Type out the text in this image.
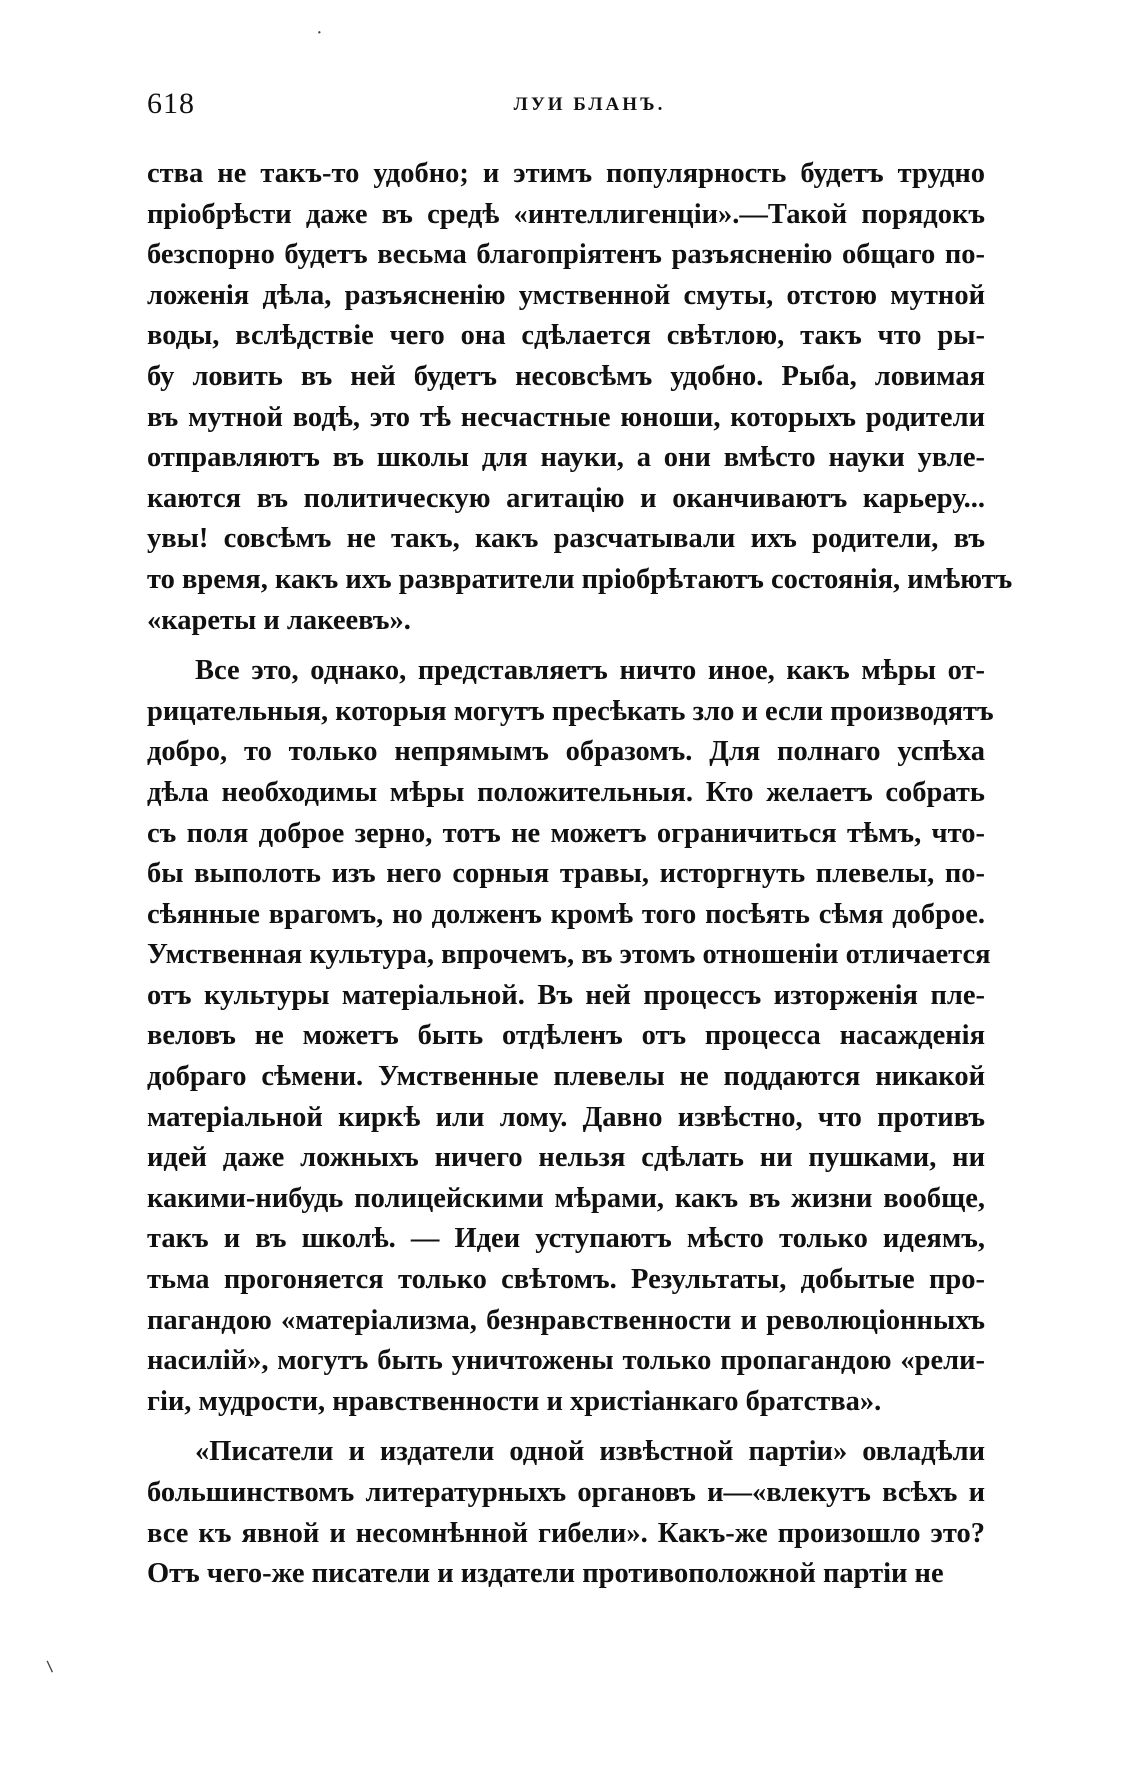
·
618	ЛУИ БЛАНЪ.
ства не такъ-то удобно; и этимъ популярность будетъ трудно
пріобрѣсти даже въ средѣ «интеллигенціи».—Такой порядокъ
безспорно будетъ весьма благопріятенъ разъясненію общаго по-
ложенія дѣла, разъясненію умственной смуты, отстою мутной
воды, вслѣдствіе чего она сдѣлается свѣтлою, такъ что ры-
бу ловить въ ней будетъ несовсѣмъ удобно. Рыба, ловимая
въ мутной водѣ, это тѣ несчастные юноши, которыхъ родители
отправляютъ въ школы для науки, а они вмѣсто науки увле-
каются въ политическую агитацію и оканчиваютъ карьеру...
увы! совсѣмъ не такъ, какъ разсчатывали ихъ родители, въ
то время, какъ ихъ развратители пріобрѣтаютъ состоянія, имѣютъ
«кареты и лакеевъ».
Все это, однако, представляетъ ничто иное, какъ мѣры от-
рицательныя, которыя могутъ пресѣкать зло и если производятъ
добро, то только непрямымъ образомъ. Для полнаго успѣха
дѣла необходимы мѣры положительныя. Кто желаетъ собрать
съ поля доброе зерно, тотъ не можетъ ограничиться тѣмъ, что-
бы выполоть изъ него сорныя травы, исторгнуть плевелы, по-
сѣянные врагомъ, но долженъ кромѣ того посѣять сѣмя доброе.
Умственная культура, впрочемъ, въ этомъ отношеніи отличается
отъ культуры матеріальной. Въ ней процессъ изторженія пле-
веловъ не можетъ быть отдѣленъ отъ процесса насажденія
добраго сѣмени. Умственные плевелы не поддаются никакой
матеріальной киркѣ или лому. Давно извѣстно, что противъ
идей даже ложныхъ ничего нельзя сдѣлать ни пушками, ни
какими-нибудь полицейскими мѣрами, какъ въ жизни вообще,
такъ и въ школѣ. — Идеи уступаютъ мѣсто только идеямъ,
тьма прогоняется только свѣтомъ. Результаты, добытые про-
пагандою «матеріализма, безнравственности и революціонныхъ
насилій», могутъ быть уничтожены только пропагандою «рели-
гіи, мудрости, нравственности и христіанкаго братства».
«Писатели и издатели одной извѣстной партіи» овладѣли
большинствомъ литературныхъ органовъ и—«влекутъ всѣхъ и
все къ явной и несомнѣнной гибели». Какъ-же произошло это?
Отъ чего-же писатели и издатели противоположной партіи не
⸌
